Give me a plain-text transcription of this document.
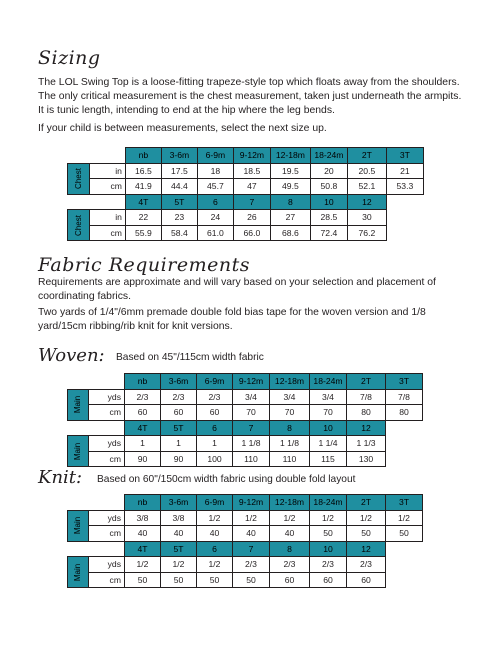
Sizing
The LOL Swing Top is a loose-fitting trapeze-style top which floats away from the shoulders. The only critical measurement is the chest measurement, taken just underneath the armpits. It is tunic length, intending to end at the hip where the leg bends.
If your child is between measurements, select the next size up.
		nb	3-6m	6-9m	9-12m	12-18m	18-24m	2T	3T
Chest	in	16.5	17.5	18	18.5	19.5	20	20.5	21
	cm	41.9	44.4	45.7	47	49.5	50.8	52.1	53.3
		4T	5T	6	7	8	10	12	
Chest	in	22	23	24	26	27	28.5	30	
	cm	55.9	58.4	61.0	66.0	68.6	72.4	76.2	
Fabric Requirements
Requirements are approximate and will vary based on your selection and placement of coordinating fabrics.
Two yards of 1/4"/6mm premade double fold bias tape for the woven version and 1/8 yard/15cm ribbing/rib knit for knit versions.
Woven: Based on 45"/115cm width fabric
		nb	3-6m	6-9m	9-12m	12-18m	18-24m	2T	3T
Main	yds	2/3	2/3	2/3	3/4	3/4	3/4	7/8	7/8
	cm	60	60	60	70	70	70	80	80
		4T	5T	6	7	8	10	12	
Main	yds	1	1	1	1 1/8	1 1/8	1 1/4	1 1/3	
	cm	90	90	100	110	110	115	130	
Knit: Based on 60"/150cm width fabric using double fold layout
		nb	3-6m	6-9m	9-12m	12-18m	18-24m	2T	3T
Main	yds	3/8	3/8	1/2	1/2	1/2	1/2	1/2	1/2
	cm	40	40	40	40	40	50	50	50
		4T	5T	6	7	8	10	12	
Main	yds	1/2	1/2	1/2	2/3	2/3	2/3	2/3	
	cm	50	50	50	50	60	60	60	
